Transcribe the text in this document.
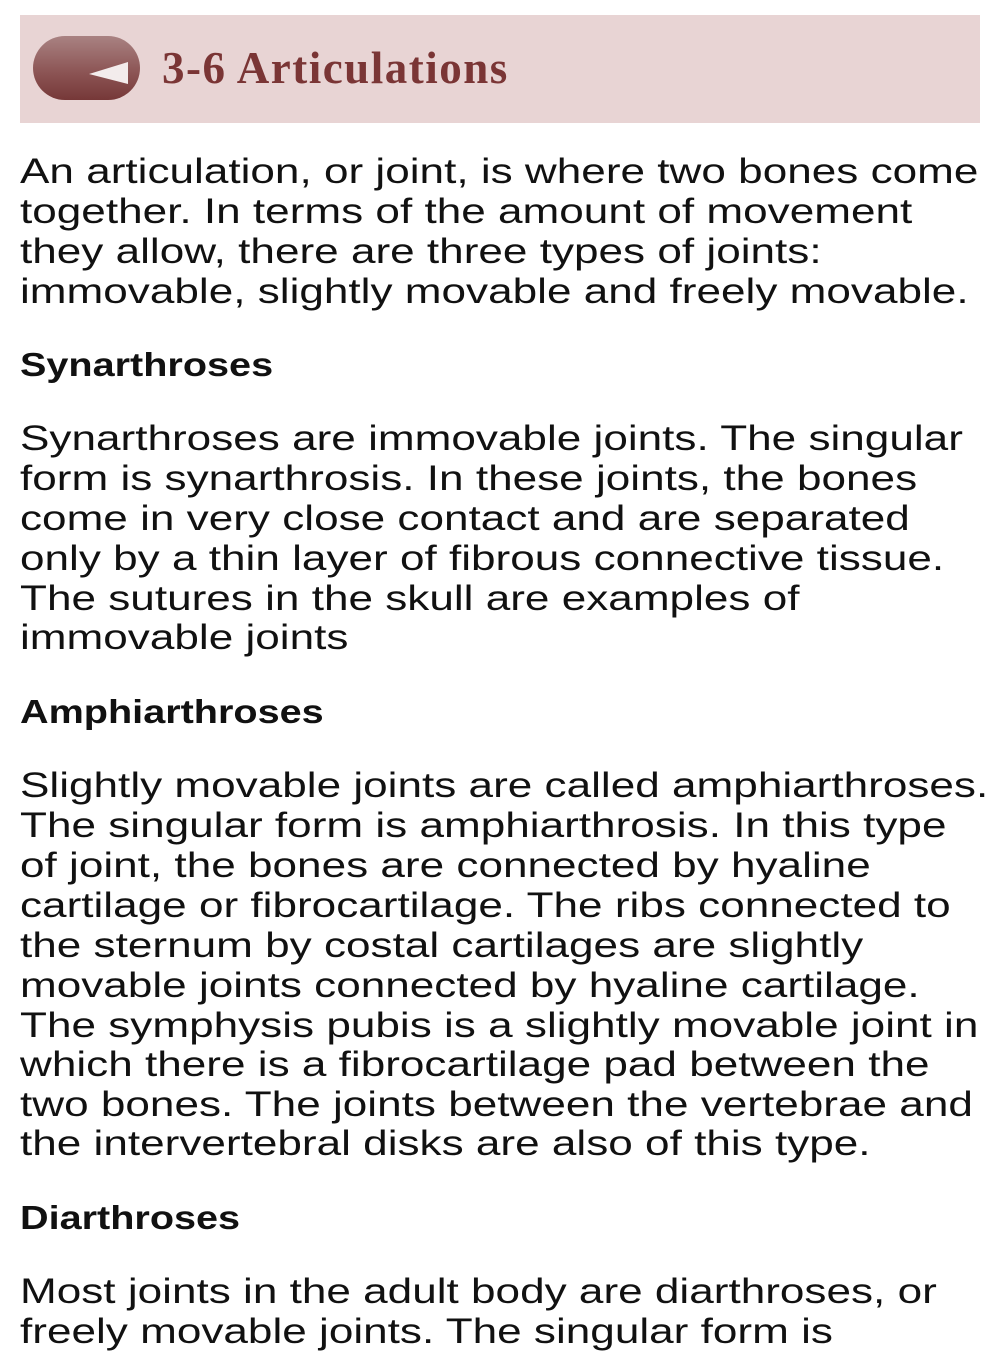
3-6 Articulations
An articulation, or joint, is where two bones come
together. In terms of the amount of movement
they allow, there are three types of joints:
immovable, slightly movable and freely movable.
Synarthroses
Synarthroses are immovable joints. The singular
form is synarthrosis. In these joints, the bones
come in very close contact and are separated
only by a thin layer of fibrous connective tissue.
The sutures in the skull are examples of
immovable joints
Amphiarthroses
Slightly movable joints are called amphiarthroses.
The singular form is amphiarthrosis. In this type
of joint, the bones are connected by hyaline
cartilage or fibrocartilage. The ribs connected to
the sternum by costal cartilages are slightly
movable joints connected by hyaline cartilage.
The symphysis pubis is a slightly movable joint in
which there is a fibrocartilage pad between the
two bones. The joints between the vertebrae and
the intervertebral disks are also of this type.
Diarthroses
Most joints in the adult body are diarthroses, or
freely movable joints. The singular form is
